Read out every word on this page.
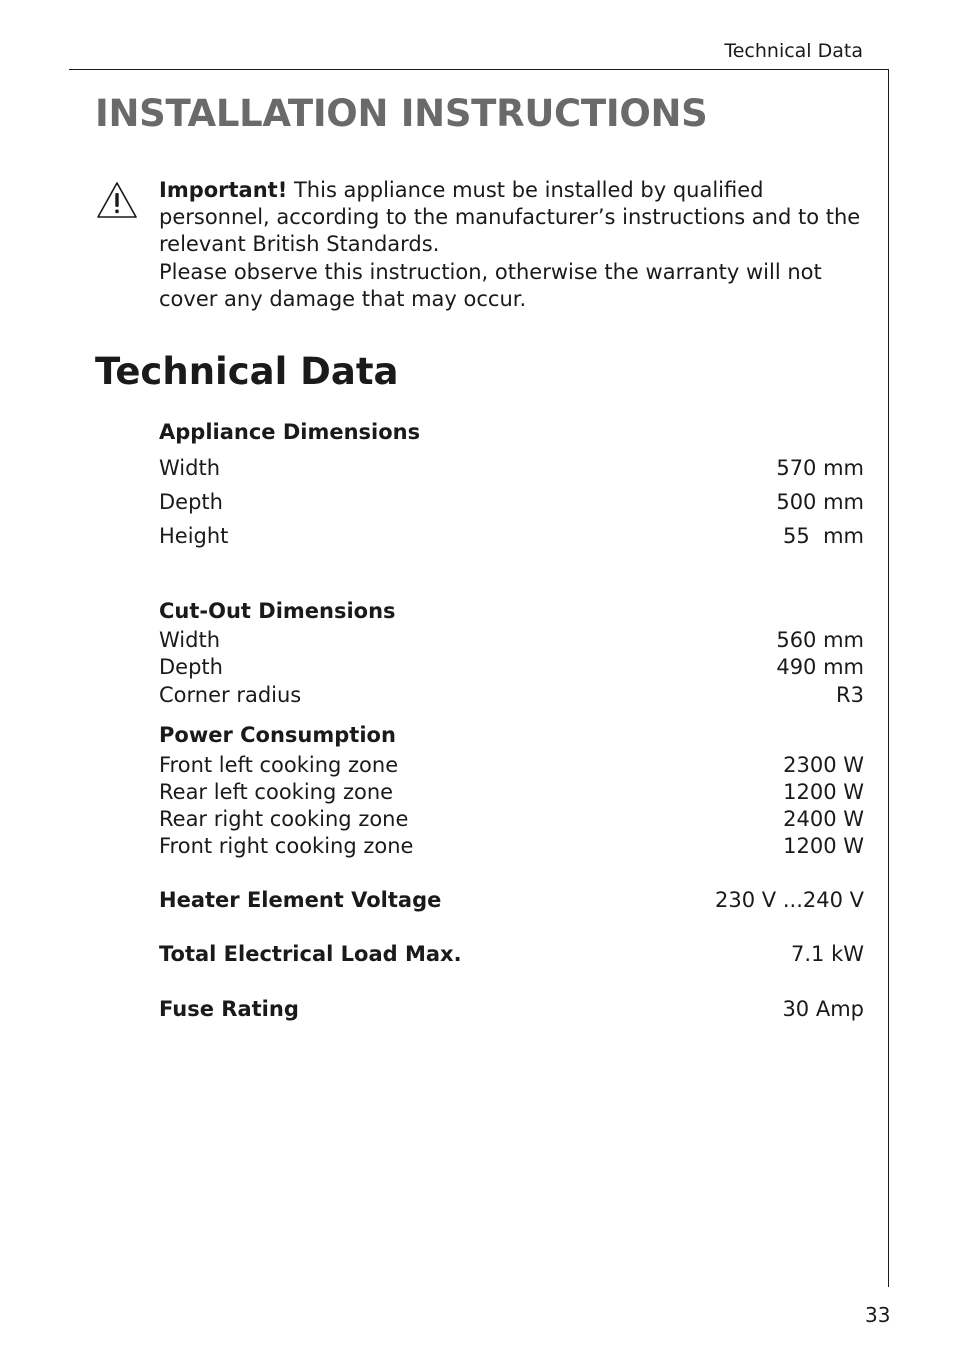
Technical Data
INSTALLATION INSTRUCTIONS

Important! This appliance must be installed by qualified personnel, according to the manufacturer’s instructions and to the relevant British Standards.

Please observe this instruction, otherwise the warranty will not cover any damage that may occur.

Technical Data
Appliance Dimensions
Width	570 mm
Depth	500 mm
Height	55  mm
Cut-Out Dimensions
Width	560 mm
Depth	490 mm
Corner radius	R3
Power Consumption
Front left cooking zone	2300 W
Rear left cooking zone	1200 W
Rear right cooking zone	2400 W
Front right cooking zone	1200 W
Heater Element Voltage	230 V ...240 V
Total Electrical Load Max.	7.1 kW
Fuse Rating	30 Amp
33
